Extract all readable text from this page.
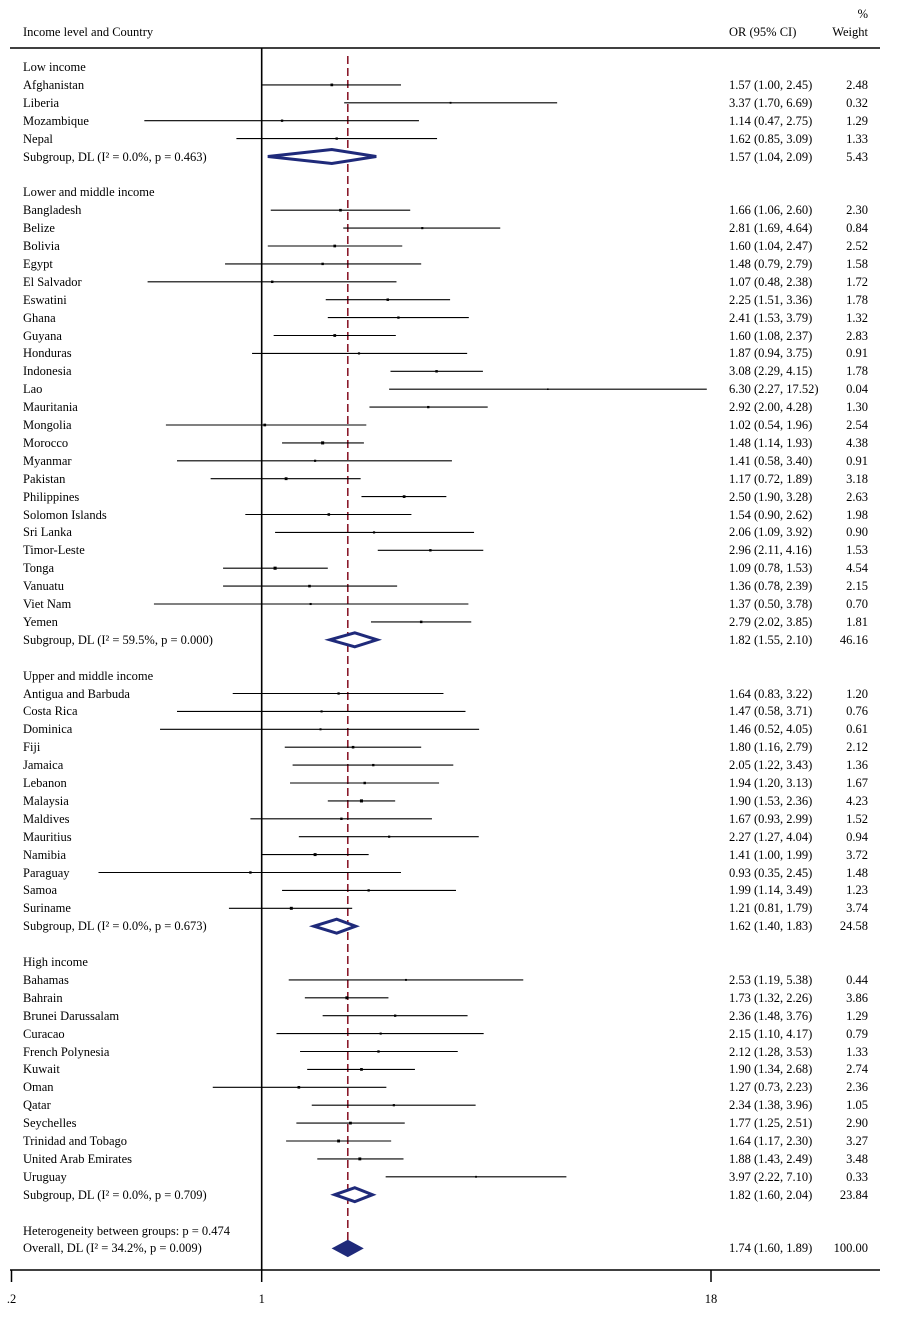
Income level and Country	OR (95% CI)
%
Weight
.2	1	18
Low income
Afghanistan	1.57 (1.00, 2.45)	2.48
Liberia	3.37 (1.70, 6.69)	0.32
Mozambique	1.14 (0.47, 2.75)	1.29
Nepal	1.62 (0.85, 3.09)	1.33
Subgroup, DL (I² = 0.0%, p = 0.463)	1.57 (1.04, 2.09)	5.43
Lower and middle income
Bangladesh	1.66 (1.06, 2.60)	2.30
Belize	2.81 (1.69, 4.64)	0.84
Bolivia	1.60 (1.04, 2.47)	2.52
Egypt	1.48 (0.79, 2.79)	1.58
El Salvador	1.07 (0.48, 2.38)	1.72
Eswatini	2.25 (1.51, 3.36)	1.78
Ghana	2.41 (1.53, 3.79)	1.32
Guyana	1.60 (1.08, 2.37)	2.83
Honduras	1.87 (0.94, 3.75)	0.91
Indonesia	3.08 (2.29, 4.15)	1.78
Lao	6.30 (2.27, 17.52)	0.04
Mauritania	2.92 (2.00, 4.28)	1.30
Mongolia	1.02 (0.54, 1.96)	2.54
Morocco	1.48 (1.14, 1.93)	4.38
Myanmar	1.41 (0.58, 3.40)	0.91
Pakistan	1.17 (0.72, 1.89)	3.18
Philippines	2.50 (1.90, 3.28)	2.63
Solomon Islands	1.54 (0.90, 2.62)	1.98
Sri Lanka	2.06 (1.09, 3.92)	0.90
Timor-Leste	2.96 (2.11, 4.16)	1.53
Tonga	1.09 (0.78, 1.53)	4.54
Vanuatu	1.36 (0.78, 2.39)	2.15
Viet Nam	1.37 (0.50, 3.78)	0.70
Yemen	2.79 (2.02, 3.85)	1.81
Subgroup, DL (I² = 59.5%, p = 0.000)	1.82 (1.55, 2.10)	46.16
Upper and middle income
Antigua and Barbuda	1.64 (0.83, 3.22)	1.20
Costa Rica	1.47 (0.58, 3.71)	0.76
Dominica	1.46 (0.52, 4.05)	0.61
Fiji	1.80 (1.16, 2.79)	2.12
Jamaica	2.05 (1.22, 3.43)	1.36
Lebanon	1.94 (1.20, 3.13)	1.67
Malaysia	1.90 (1.53, 2.36)	4.23
Maldives	1.67 (0.93, 2.99)	1.52
Mauritius	2.27 (1.27, 4.04)	0.94
Namibia	1.41 (1.00, 1.99)	3.72
Paraguay	0.93 (0.35, 2.45)	1.48
Samoa	1.99 (1.14, 3.49)	1.23
Suriname	1.21 (0.81, 1.79)	3.74
Subgroup, DL (I² = 0.0%, p = 0.673)	1.62 (1.40, 1.83)	24.58
High income
Bahamas	2.53 (1.19, 5.38)	0.44
Bahrain	1.73 (1.32, 2.26)	3.86
Brunei Darussalam	2.36 (1.48, 3.76)	1.29
Curacao	2.15 (1.10, 4.17)	0.79
French Polynesia	2.12 (1.28, 3.53)	1.33
Kuwait	1.90 (1.34, 2.68)	2.74
Oman	1.27 (0.73, 2.23)	2.36
Qatar	2.34 (1.38, 3.96)	1.05
Seychelles	1.77 (1.25, 2.51)	2.90
Trinidad and Tobago	1.64 (1.17, 2.30)	3.27
United Arab Emirates	1.88 (1.43, 2.49)	3.48
Uruguay	3.97 (2.22, 7.10)	0.33
Subgroup, DL (I² = 0.0%, p = 0.709)	1.82 (1.60, 2.04)	23.84
Heterogeneity between groups: p = 0.474
Overall, DL (I² = 34.2%, p = 0.009)	1.74 (1.60, 1.89)	100.00
